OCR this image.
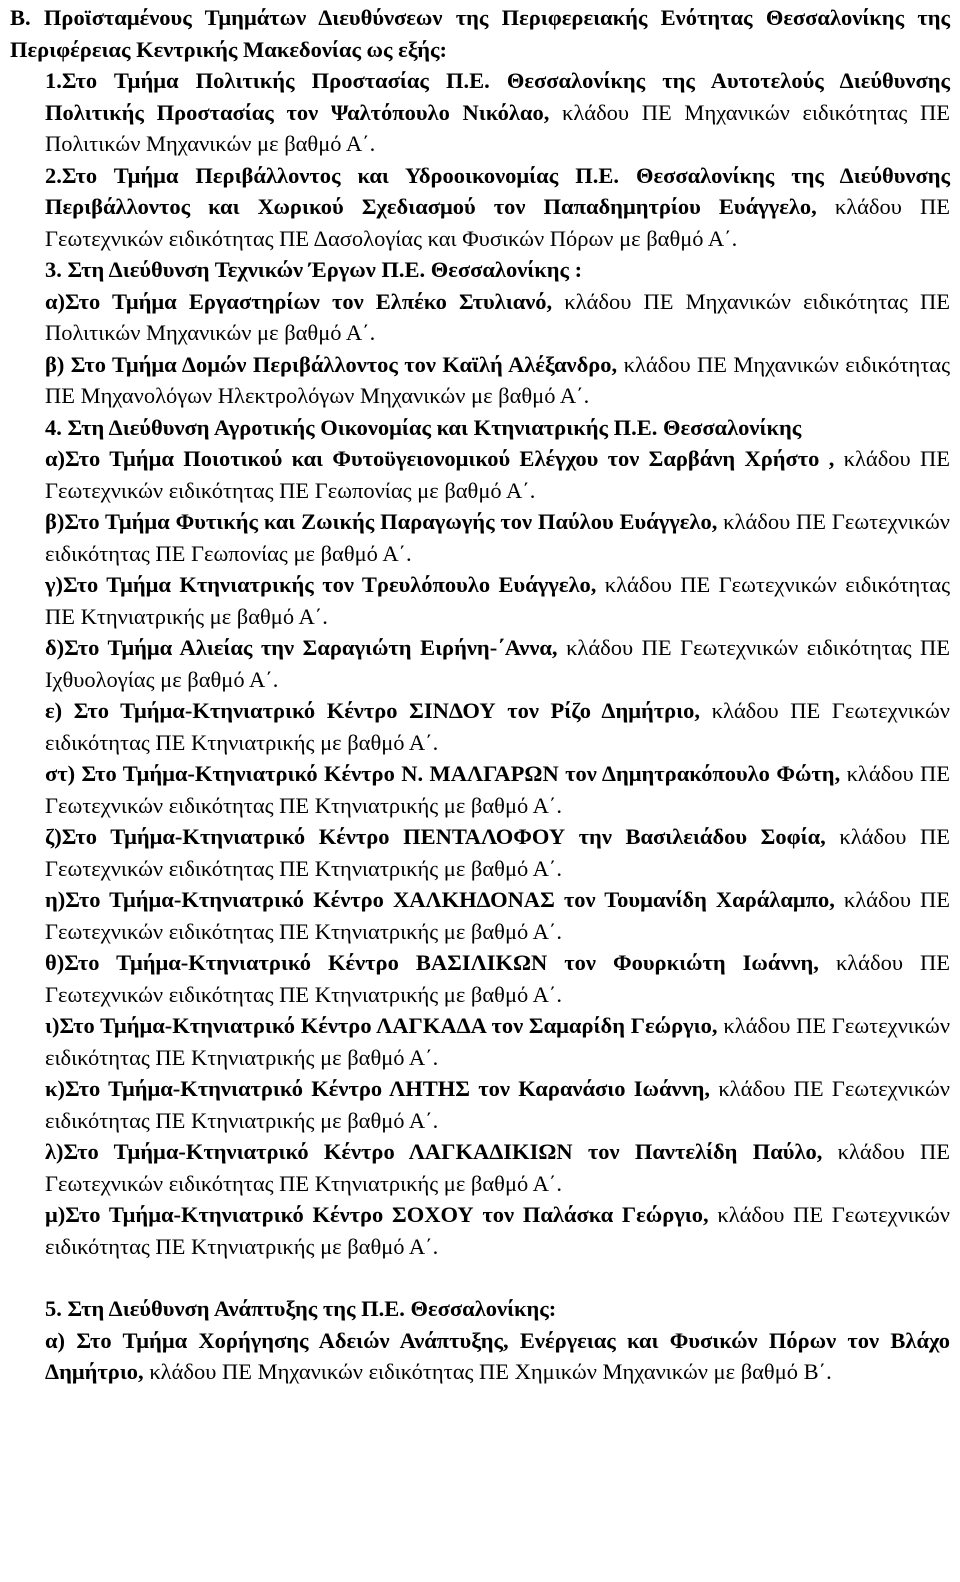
Β. Προϊσταμένους Τμημάτων Διευθύνσεων της Περιφερειακής Ενότητας Θεσσαλονίκης της Περιφέρειας Κεντρικής Μακεδονίας ως εξής:

1.Στο Τμήμα Πολιτικής Προστασίας Π.Ε. Θεσσαλονίκης της Αυτοτελούς Διεύθυνσης Πολιτικής Προστασίας τον Ψαλτόπουλο Νικόλαο, κλάδου ΠΕ Μηχανικών ειδικότητας ΠΕ Πολιτικών Μηχανικών με βαθμό Α΄.

2.Στο Τμήμα Περιβάλλοντος και Υδροοικονομίας Π.Ε. Θεσσαλονίκης της Διεύθυνσης Περιβάλλοντος και Χωρικού Σχεδιασμού τον Παπαδημητρίου Ευάγγελο, κλάδου ΠΕ Γεωτεχνικών ειδικότητας ΠΕ Δασολογίας και Φυσικών Πόρων με βαθμό Α΄.

3. Στη Διεύθυνση Τεχνικών Έργων Π.Ε. Θεσσαλονίκης :

α)Στο Τμήμα Εργαστηρίων τον Ελπέκο Στυλιανό, κλάδου ΠΕ Μηχανικών ειδικότητας ΠΕ Πολιτικών Μηχανικών με βαθμό Α΄.

β) Στο Τμήμα Δομών Περιβάλλοντος τον Καϊλή Αλέξανδρο, κλάδου ΠΕ Μηχανικών ειδικότητας ΠΕ Μηχανολόγων Ηλεκτρολόγων Μηχανικών με βαθμό Α΄.

4. Στη Διεύθυνση Αγροτικής Οικονομίας και Κτηνιατρικής Π.Ε. Θεσσαλονίκης

α)Στο Τμήμα Ποιοτικού και Φυτοϋγειονομικού Ελέγχου τον Σαρβάνη Χρήστο , κλάδου ΠΕ Γεωτεχνικών ειδικότητας ΠΕ Γεωπονίας με βαθμό Α΄.

β)Στο Τμήμα Φυτικής και Ζωικής Παραγωγής τον Παύλου Ευάγγελο, κλάδου ΠΕ Γεωτεχνικών ειδικότητας ΠΕ Γεωπονίας με βαθμό Α΄.

γ)Στο Τμήμα Κτηνιατρικής τον Τρευλόπουλο Ευάγγελο, κλάδου ΠΕ Γεωτεχνικών ειδικότητας ΠΕ Κτηνιατρικής με βαθμό Α΄.

δ)Στο Τμήμα Αλιείας την Σαραγιώτη Ειρήνη-΄Αννα, κλάδου ΠΕ Γεωτεχνικών ειδικότητας ΠΕ Ιχθυολογίας με βαθμό Α΄.

ε) Στο Τμήμα-Κτηνιατρικό Κέντρο ΣΙΝΔΟΥ τον Ρίζο Δημήτριο, κλάδου ΠΕ Γεωτεχνικών ειδικότητας ΠΕ Κτηνιατρικής με βαθμό Α΄.

στ) Στο Τμήμα-Κτηνιατρικό Κέντρο Ν. ΜΑΛΓΑΡΩΝ τον Δημητρακόπουλο Φώτη, κλάδου ΠΕ Γεωτεχνικών ειδικότητας ΠΕ Κτηνιατρικής με βαθμό Α΄.

ζ)Στο Τμήμα-Κτηνιατρικό Κέντρο ΠΕΝΤΑΛΟΦΟΥ την Βασιλειάδου Σοφία, κλάδου ΠΕ Γεωτεχνικών ειδικότητας ΠΕ Κτηνιατρικής με βαθμό Α΄.

η)Στο Τμήμα-Κτηνιατρικό Κέντρο ΧΑΛΚΗΔΟΝΑΣ τον Τουμανίδη Χαράλαμπο, κλάδου ΠΕ Γεωτεχνικών ειδικότητας ΠΕ Κτηνιατρικής με βαθμό Α΄.

θ)Στο Τμήμα-Κτηνιατρικό Κέντρο ΒΑΣΙΛΙΚΩΝ τον Φουρκιώτη Ιωάννη, κλάδου ΠΕ Γεωτεχνικών ειδικότητας ΠΕ Κτηνιατρικής με βαθμό Α΄.

ι)Στο Τμήμα-Κτηνιατρικό Κέντρο ΛΑΓΚΑΔΑ τον Σαμαρίδη Γεώργιο, κλάδου ΠΕ Γεωτεχνικών ειδικότητας ΠΕ Κτηνιατρικής με βαθμό Α΄.

κ)Στο Τμήμα-Κτηνιατρικό Κέντρο ΛΗΤΗΣ τον Καρανάσιο Ιωάννη, κλάδου ΠΕ Γεωτεχνικών ειδικότητας ΠΕ Κτηνιατρικής με βαθμό Α΄.

λ)Στο Τμήμα-Κτηνιατρικό Κέντρο ΛΑΓΚΑΔΙΚΙΩΝ τον Παντελίδη Παύλο, κλάδου ΠΕ Γεωτεχνικών ειδικότητας ΠΕ Κτηνιατρικής με βαθμό Α΄.

μ)Στο Τμήμα-Κτηνιατρικό Κέντρο ΣΟΧΟΥ τον Παλάσκα Γεώργιο, κλάδου ΠΕ Γεωτεχνικών ειδικότητας ΠΕ Κτηνιατρικής με βαθμό Α΄.

5. Στη Διεύθυνση Ανάπτυξης της Π.Ε. Θεσσαλονίκης:

α) Στο Τμήμα Χορήγησης Αδειών Ανάπτυξης, Ενέργειας και Φυσικών Πόρων τον Βλάχο Δημήτριο, κλάδου ΠΕ Μηχανικών ειδικότητας ΠΕ Χημικών Μηχανικών με βαθμό Β΄.
